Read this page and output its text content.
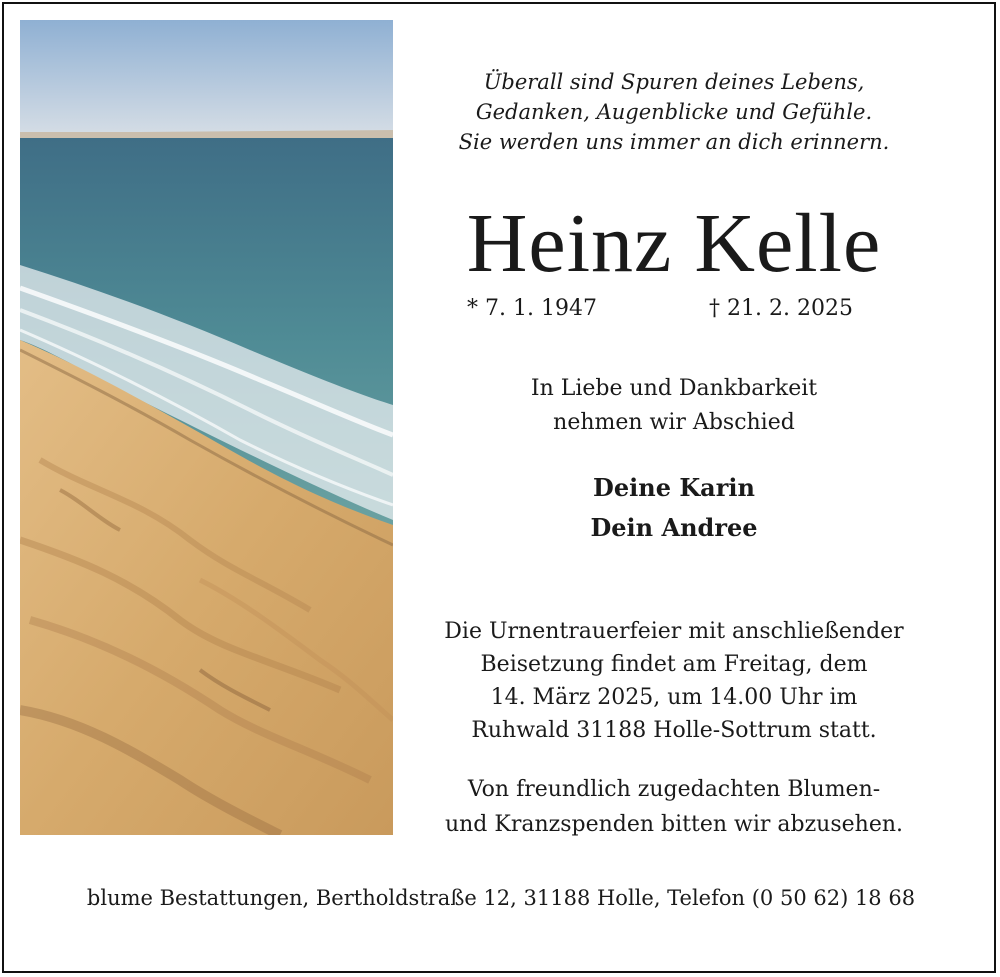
Überall sind Spuren deines Lebens,
Gedanken, Augenblicke und Gefühle.
Sie werden uns immer an dich erinnern.
Heinz Kelle
* 7. 1. 1947	† 21. 2. 2025
In Liebe und Dankbarkeit
nehmen wir Abschied
Deine Karin
Dein Andree
Die Urnentrauerfeier mit anschließender
Beisetzung findet am Freitag, dem
14. März 2025, um 14.00 Uhr im
Ruhwald 31188 Holle-Sottrum statt.
Von freundlich zugedachten Blumen-
und Kranzspenden bitten wir abzusehen.
blume Bestattungen, Bertholdstraße 12, 31188 Holle, Telefon (0 50 62) 18 68
